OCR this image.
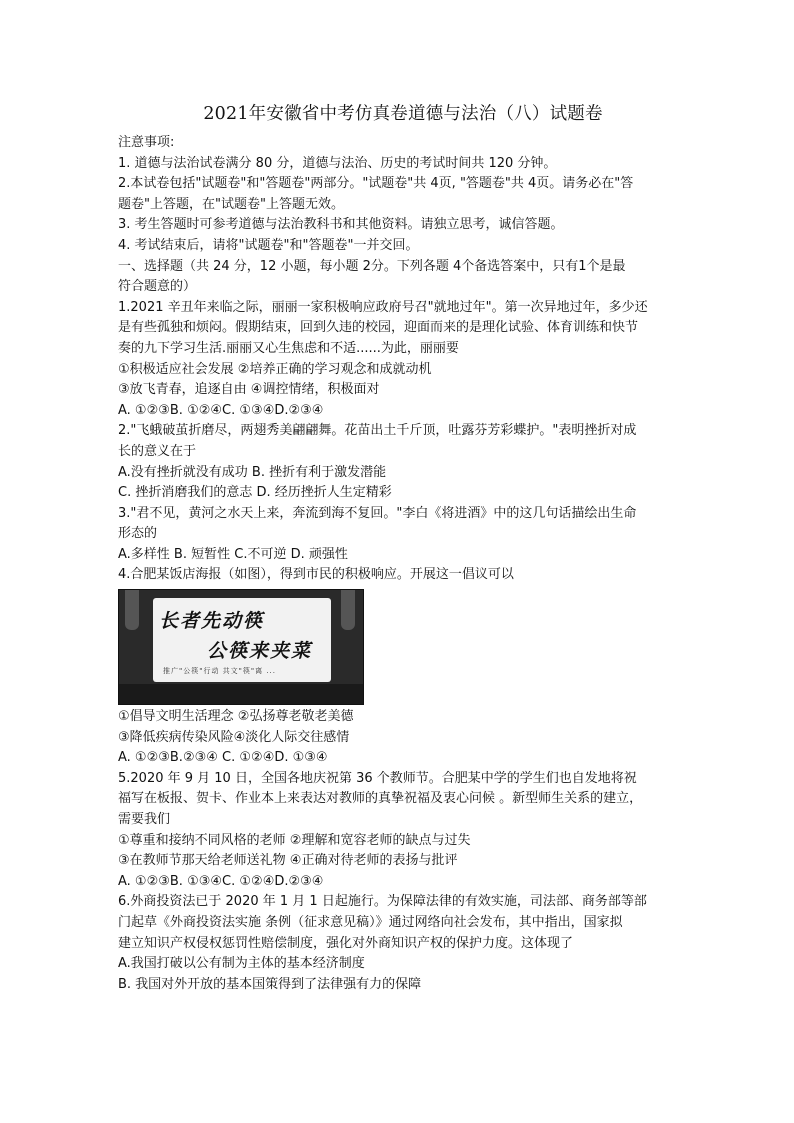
2021年安徽省中考仿真卷道德与法治（八）试题卷
注意事项:
1. 道德与法治试卷满分 80 分，道德与法治、历史的考试时间共 120 分钟。
2.本试卷包括"试题卷"和"答题卷"两部分。"试题卷"共 4页, "答题卷"共 4页。请务必在"答
题卷"上答题，在"试题卷"上答题无效。
3. 考生答题时可参考道德与法治教科书和其他资料。请独立思考，诚信答题。
4. 考试结束后，请将"试题卷"和"答题卷"一并交回。
一、选择题（共 24 分，12 小题，每小题 2分。下列各题 4个备选答案中，只有1个是最
符合题意的）
1.2021 辛丑年来临之际，丽丽一家积极响应政府号召"就地过年"。第一次异地过年，多少还
是有些孤独和烦闷。假期结束，回到久违的校园，迎面而来的是理化试验、体育训练和快节
奏的九下学习生活.丽丽又心生焦虑和不适......为此，丽丽要
①积极适应社会发展 ②培养正确的学习观念和成就动机
③放飞青春，追逐自由 ④调控情绪，积极面对
A. ①②③B. ①②④C. ①③④D.②③④
2."飞蛾破茧折磨尽，两翅秀美翩翩舞。花苗出土千斤顶，吐露芬芳彩蝶护。"表明挫折对成
长的意义在于
A.没有挫折就没有成功 B. 挫折有利于激发潜能
C. 挫折消磨我们的意志 D. 经历挫折人生定精彩
3."君不见，黄河之水天上来，奔流到海不复回。"李白《将进酒》中的这几句话描绘出生命
形态的
A.多样性 B. 短暂性 C.不可逆 D. 顽强性
4.合肥某饭店海报（如图），得到市民的积极响应。开展这一倡议可以
长者先动筷
公筷来夹菜
推广"公筷"行动 共文"筷"离 ...
①倡导文明生活理念 ②弘扬尊老敬老美德
③降低疾病传染风险④淡化人际交往感情
A. ①②③B.②③④ C. ①②④D. ①③④
5.2020 年 9 月 10 日，全国各地庆祝第 36 个教师节。合肥某中学的学生们也自发地将祝
福写在板报、贺卡、作业本上来表达对教师的真挚祝福及衷心问候 。新型师生关系的建立，
需要我们
①尊重和接纳不同风格的老师 ②理解和宽容老师的缺点与过失
③在教师节那天给老师送礼物 ④正确对待老师的表扬与批评
A. ①②③B. ①③④C. ①②④D.②③④
6.外商投资法已于 2020 年 1 月 1 日起施行。为保障法律的有效实施，司法部、商务部等部
门起草《外商投资法实施 条例（征求意见稿）》通过网络向社会发布，其中指出，国家拟
建立知识产权侵权惩罚性赔偿制度，强化对外商知识产权的保护力度。这体现了
A.我国打破以公有制为主体的基本经济制度
B. 我国对外开放的基本国策得到了法律强有力的保障
